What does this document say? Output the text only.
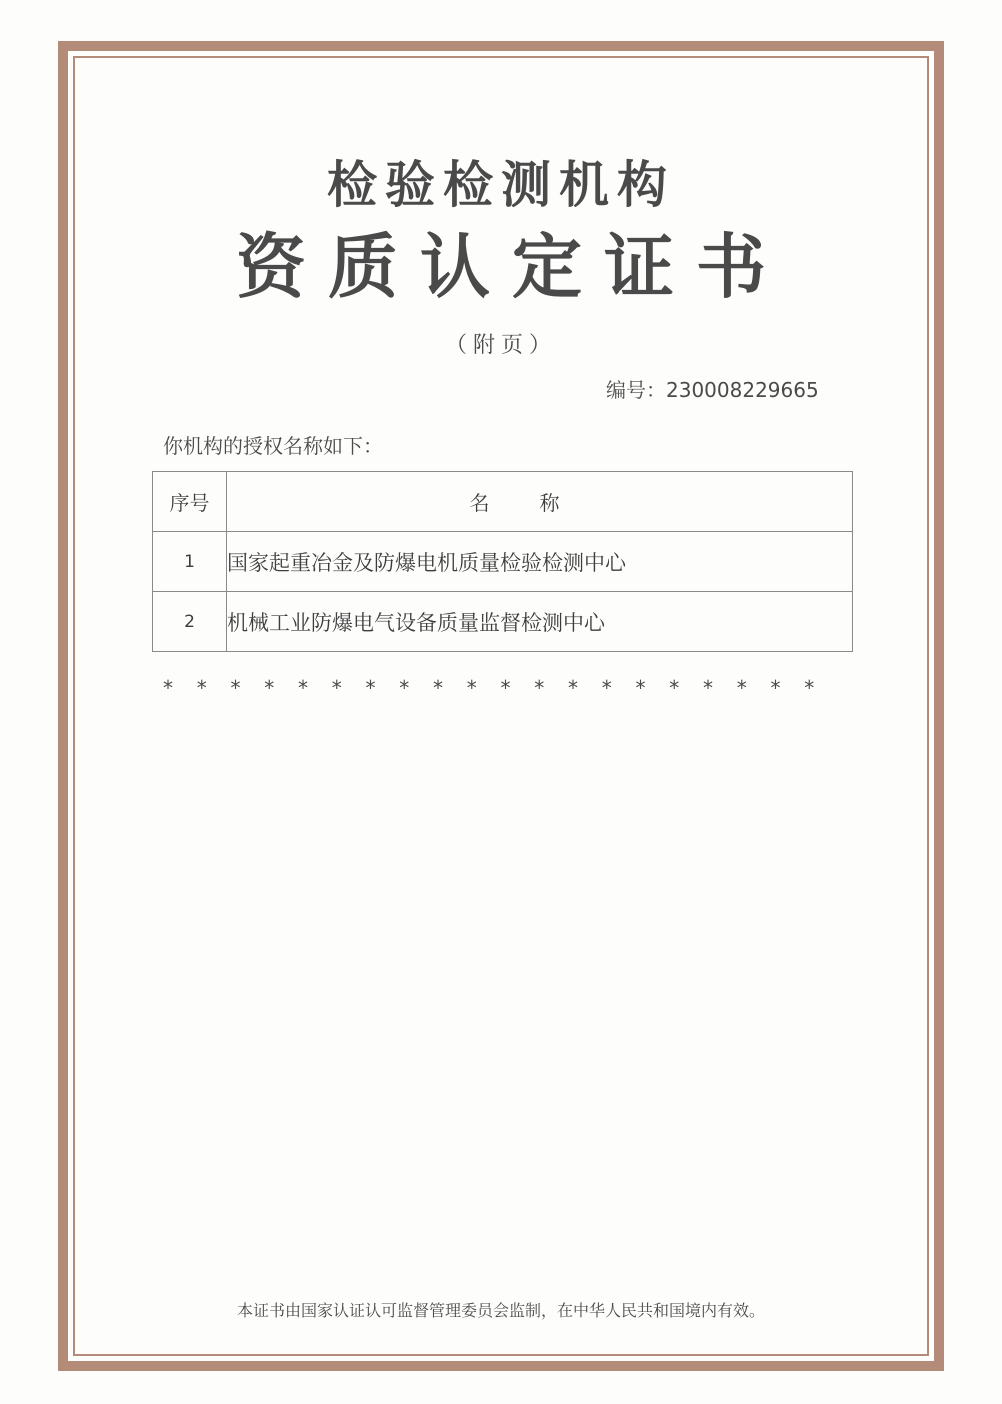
检验检测机构
资质认定证书
（附页）
编号：230008229665
你机构的授权名称如下：
序号	名称
1	国家起重冶金及防爆电机质量检验检测中心
2	机械工业防爆电气设备质量监督检测中心
* * * * * * * * * * * * * * * * * * * *
本证书由国家认证认可监督管理委员会监制，在中华人民共和国境内有效。
